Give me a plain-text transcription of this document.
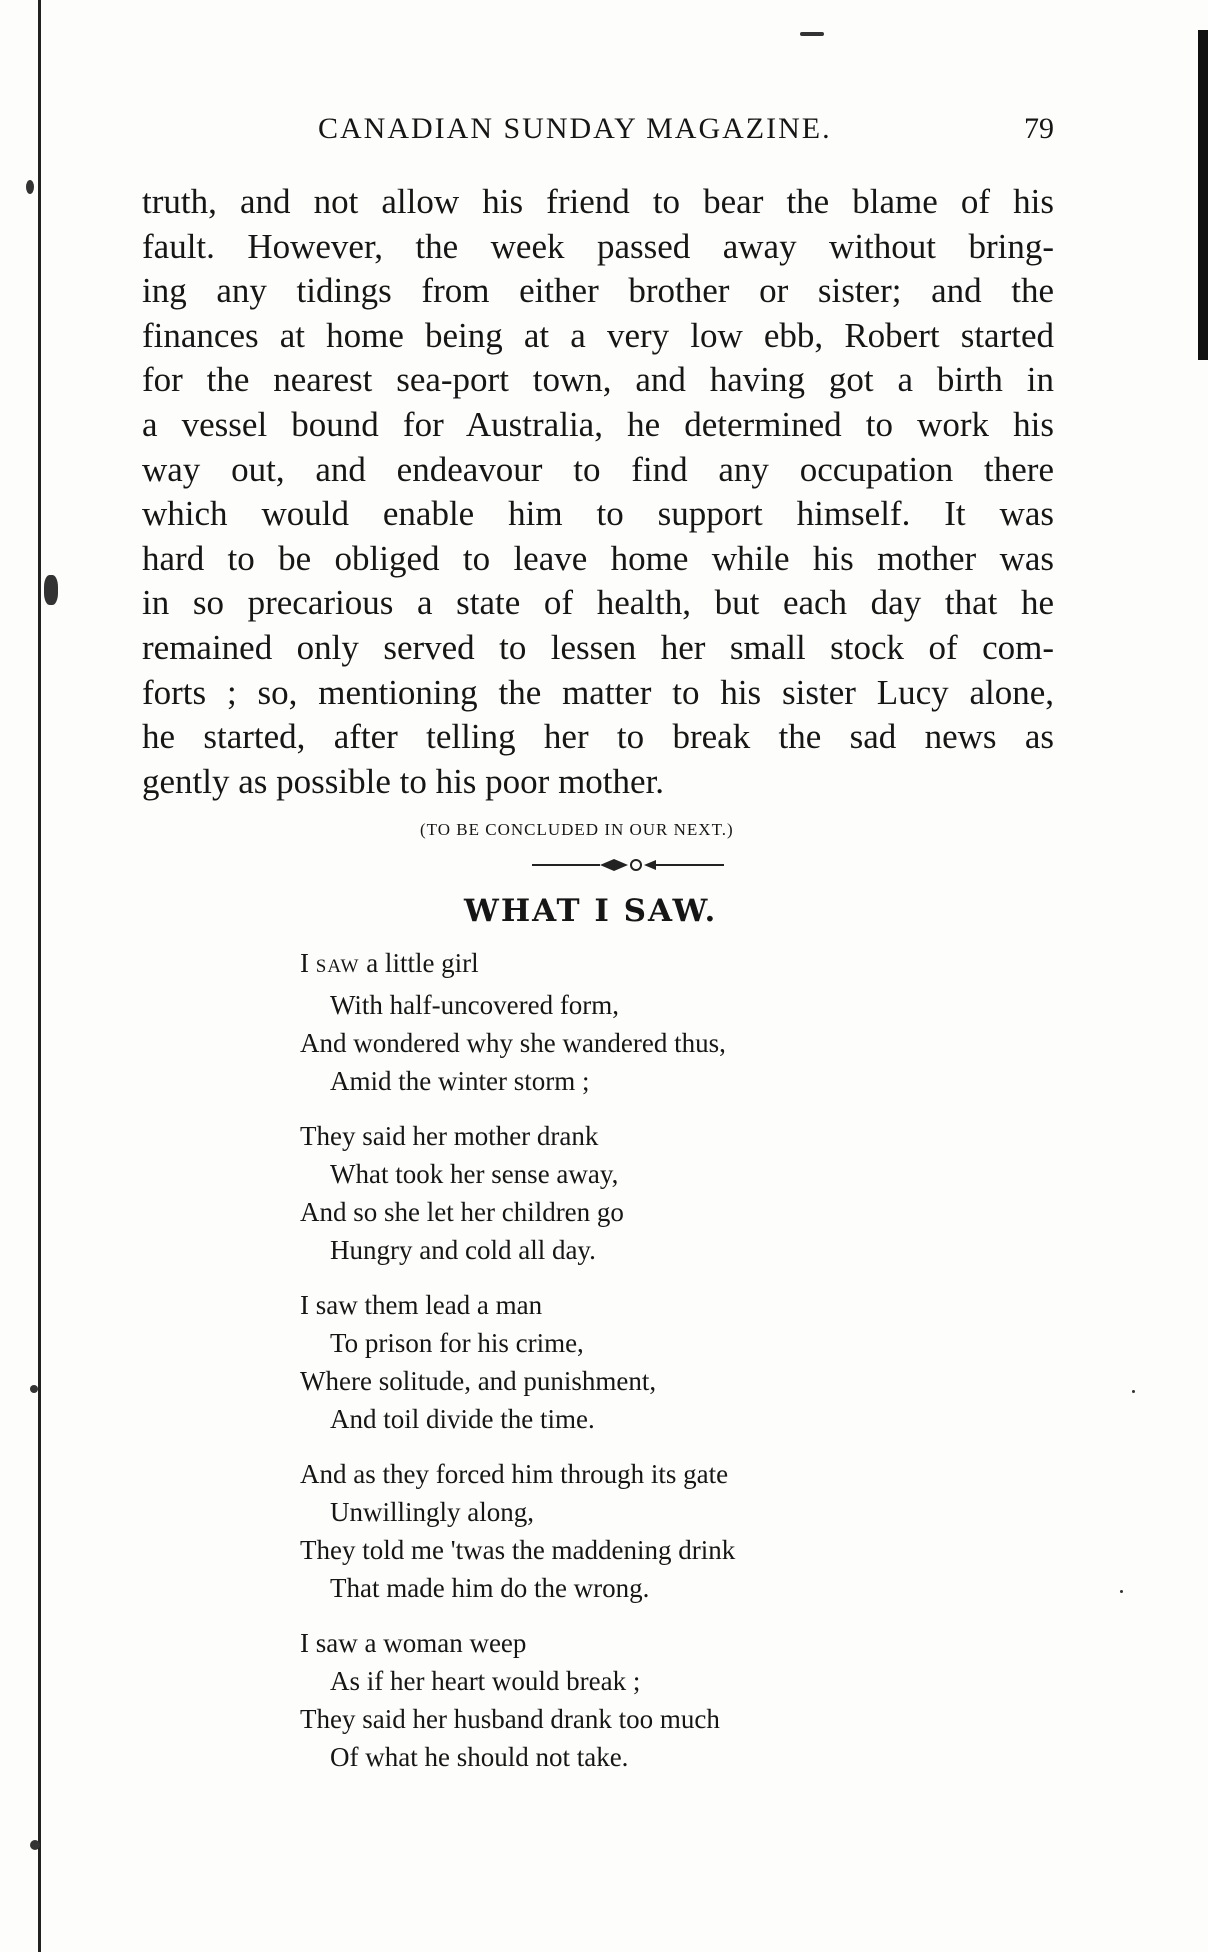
CANADIAN SUNDAY MAGAZINE.	79
truth, and not allow his friend to bear the blame of his
fault. However, the week passed away without bring-
ing any tidings from either brother or sister; and the
finances at home being at a very low ebb, Robert started
for the nearest sea-port town, and having got a birth in
a vessel bound for Australia, he determined to work his
way out, and endeavour to find any occupation there
which would enable him to support himself. It was
hard to be obliged to leave home while his mother was
in so precarious a state of health, but each day that he
remained only served to lessen her small stock of com-
forts ; so, mentioning the matter to his sister Lucy alone,
he started, after telling her to break the sad news as
gently as possible to his poor mother.
(TO BE CONCLUDED IN OUR NEXT.)
WHAT I SAW.
I SAW a little girl
With half-uncovered form,
And wondered why she wandered thus,
Amid the winter storm ;
They said her mother drank
What took her sense away,
And so she let her children go
Hungry and cold all day.
I saw them lead a man
To prison for his crime,
Where solitude, and punishment,
And toil divide the time.
And as they forced him through its gate
Unwillingly along,
They told me 'twas the maddening drink
That made him do the wrong.
I saw a woman weep
As if her heart would break ;
They said her husband drank too much
Of what he should not take.
